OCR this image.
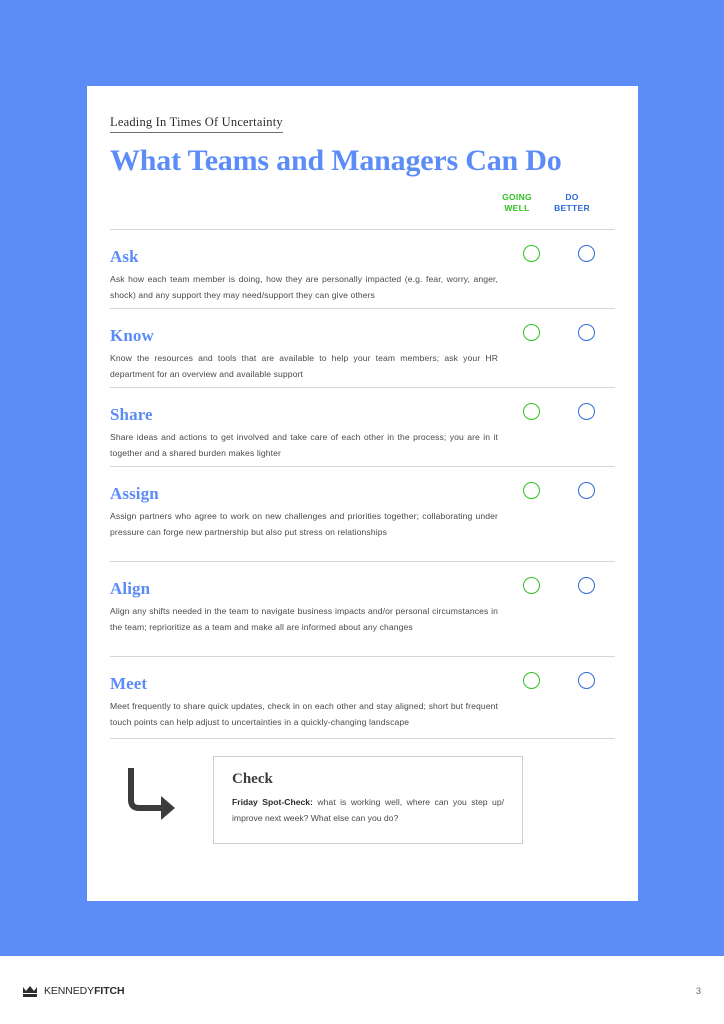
Leading In Times Of Uncertainty
What Teams and Managers Can Do
GOING
WELL
DO
BETTER
Ask
Ask how each team member is doing, how they are personally impacted (e.g. fear, worry, anger, shock) and any support they may need/support they can give others
Know
Know the resources and tools that are available to help your team members; ask your HR department for an overview and available support
Share
Share ideas and actions to get involved and take care of each other in the process; you are in it together and a shared burden makes lighter
Assign
Assign partners who agree to work on new challenges and priorities together; collaborating under pressure can forge new partnership but also put stress on relationships
Align
Align any shifts needed in the team to navigate business impacts and/or personal circumstances in the team; reprioritize as a team and make all are informed about any changes
Meet
Meet frequently to share quick updates, check in on each other and stay aligned; short but frequent touch points can help adjust to uncertainties in a quickly-changing landscape
Check
Friday Spot-Check: what is working well, where can you step up/ improve next week? What else can you do?
KENNEDYFITCH	3
